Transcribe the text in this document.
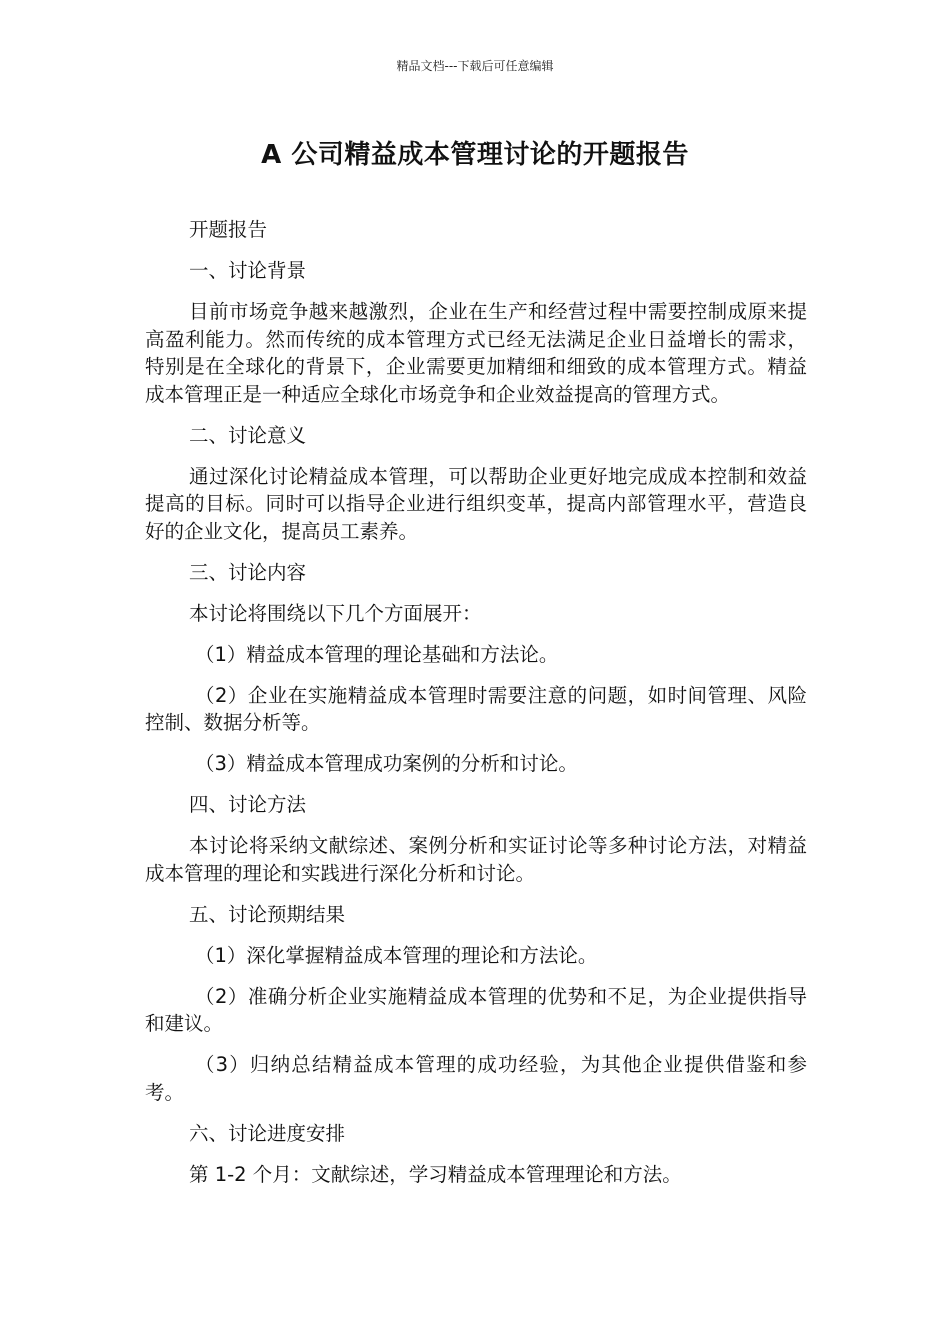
精品文档---下载后可任意编辑
A 公司精益成本管理讨论的开题报告

开题报告

一、讨论背景

目前市场竞争越来越激烈，企业在生产和经营过程中需要控制成原来提高盈利能力。然而传统的成本管理方式已经无法满足企业日益增长的需求，特别是在全球化的背景下，企业需要更加精细和细致的成本管理方式。精益成本管理正是一种适应全球化市场竞争和企业效益提高的管理方式。

二、讨论意义

通过深化讨论精益成本管理，可以帮助企业更好地完成成本控制和效益提高的目标。同时可以指导企业进行组织变革，提高内部管理水平，营造良好的企业文化，提高员工素养。

三、讨论内容

本讨论将围绕以下几个方面展开：

（1）精益成本管理的理论基础和方法论。

（2）企业在实施精益成本管理时需要注意的问题，如时间管理、风险控制、数据分析等。

（3）精益成本管理成功案例的分析和讨论。

四、讨论方法

本讨论将采纳文献综述、案例分析和实证讨论等多种讨论方法，对精益成本管理的理论和实践进行深化分析和讨论。

五、讨论预期结果

（1）深化掌握精益成本管理的理论和方法论。

（2）准确分析企业实施精益成本管理的优势和不足，为企业提供指导和建议。

（3）归纳总结精益成本管理的成功经验，为其他企业提供借鉴和参考。

六、讨论进度安排

第 1-2 个月：文献综述，学习精益成本管理理论和方法。
